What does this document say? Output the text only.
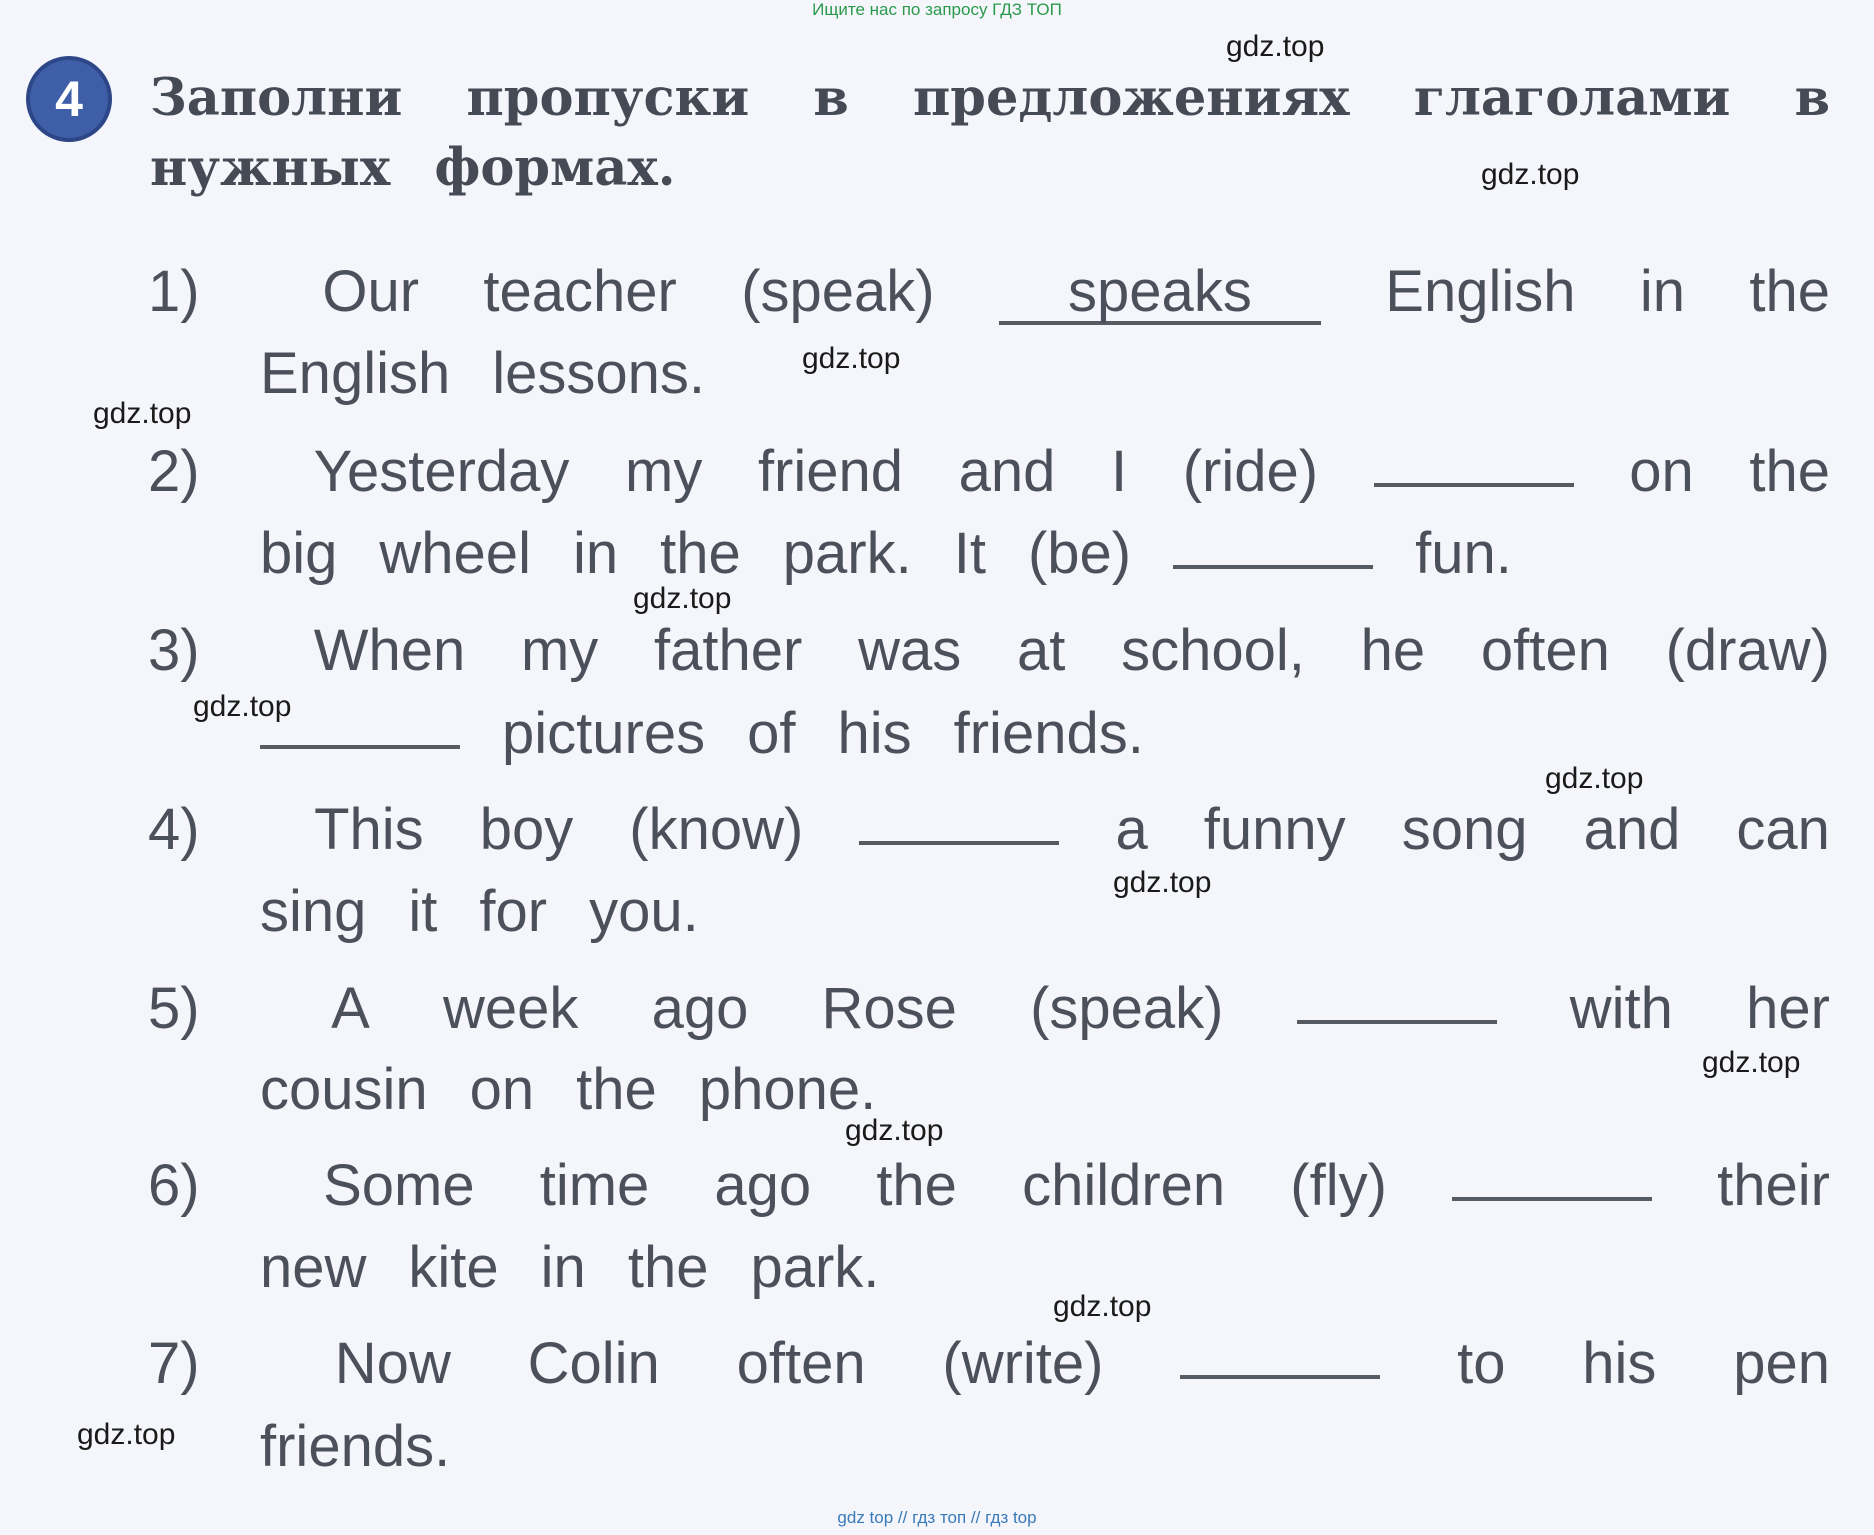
Ищите нас по запросу ГДЗ ТОП
4	Заполни пропуски в предложениях глаголами в
нужных формах.
1)	Our teacher (speak)	speaks	English in the
English lessons.
2)	Yesterday my friend and I (ride)	on the
big wheel in the park. It (be)	fun.
3)	When my father was at school, he often (draw)
pictures of his friends.
4)	This boy (know)	a funny song and can
sing it for you.
5)	A week ago Rose (speak)	with her
cousin on the phone.
6)	Some time ago the children (fly)	their
new kite in the park.
7)	Now Colin often (write)	to his pen
friends.
gdz.top
gdz.top
gdz.top
gdz.top
gdz.top
gdz.top
gdz.top
gdz.top
gdz.top
gdz.top
gdz.top
gdz.top
gdz top // гдз топ // гдз top
